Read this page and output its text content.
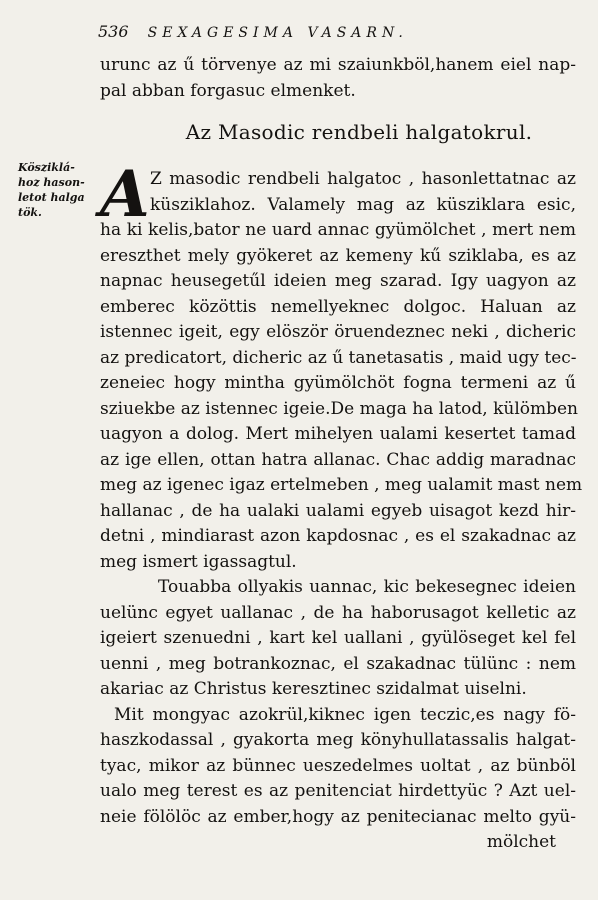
536 SEXAGESIMA VASARN.
urunc az ű törvenye az mi szaiunkböl,hanem eiel nap-
pal abban forgasuc elmenket.
Az Masodic rendbeli halgatokrul.
Kösziklá-
hoz hason-
letot halga
tök. A Z masodic rendbeli halgatoc , hasonlettatnac az
küsziklahoz. Valamely mag az küsziklara esic,
ha ki kelis,bator ne uard annac gyümölchet , mert nem
ereszthet mely gyökeret az kemeny kű sziklaba, es az
napnac heusegetűl ideien meg szarad. Igy uagyon az
emberec közöttis nemellyeknec dolgoc. Haluan az
istennec igeit, egy elöször öruendeznec neki , dicheric
az predicatort, dicheric az ű tanetasatis , maid ugy tec-
zeneiec hogy mintha gyümölchöt fogna termeni az ű
sziuekbe az istennec igeie.De maga ha latod, külömben
uagyon a dolog. Mert mihelyen ualami kesertet tamad
az ige ellen, ottan hatra allanac. Chac addig maradnac
meg az igenec igaz ertelmeben , meg ualamit mast nem
hallanac , de ha ualaki ualami egyeb uisagot kezd hir-
detni , mindiarast azon kapdosnac , es el szakadnac az
meg ismert igassagtul.
Touabba ollyakis uannac, kic bekesegnec ideien
uelünc egyet uallanac , de ha haborusagot kelletic az
igeiert szenuedni , kart kel uallani , gyülöseget kel fel
uenni , meg botrankoznac, el szakadnac tülünc : nem
akariac az Christus keresztinec szidalmat uiselni.
Mit mongyac azokrül,kiknec igen teczic,es nagy fö-
haszkodassal , gyakorta meg könyhullatassalis halgat-
tyac, mikor az bünnec ueszedelmes uoltat , az bünböl
ualo meg terest es az penitenciat hirdettyüc ? Azt uel-
neie fölölöc az ember,hogy az penitecianac melto gyü-
mölchet
